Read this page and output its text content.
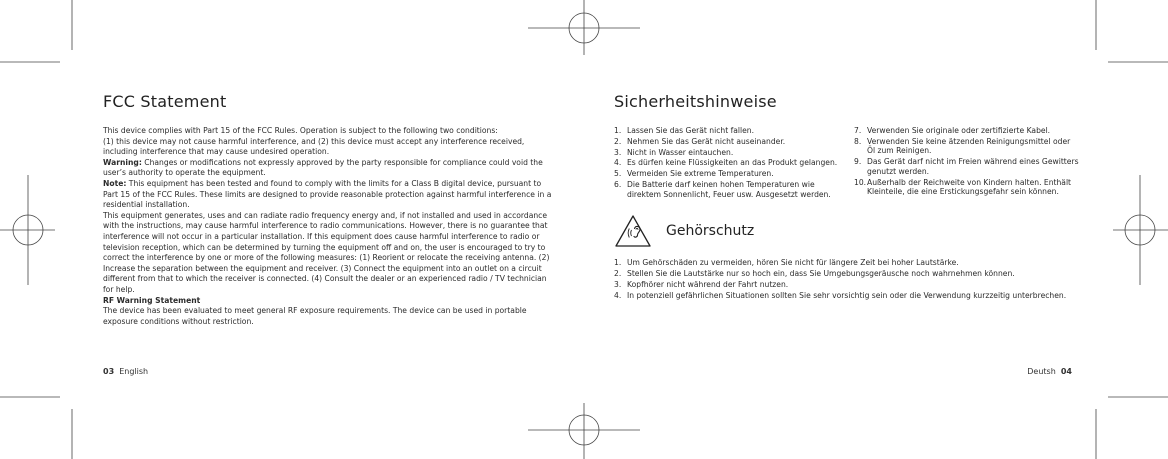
FCC Statement

This device complies with Part 15 of the FCC Rules. Operation is subject to the following two conditions:

(1) this device may not cause harmful interference, and (2) this device must accept any interference received, including interference that may cause undesired operation.

Warning: Changes or modifications not expressly approved by the party responsible for compliance could void the user’s authority to operate the equipment.

Note: This equipment has been tested and found to comply with the limits for a Class B digital device, pursuant to Part 15 of the FCC Rules. These limits are designed to provide reasonable protection against harmful interference in a residential installation.

This equipment generates, uses and can radiate radio frequency energy and, if not installed and used in accordance with the instructions, may cause harmful interference to radio communications. However, there is no guarantee that interference will not occur in a particular installation. If this equipment does cause harmful interference to radio or television reception, which can be determined by turning the equipment off and on, the user is encouraged to try to correct the interference by one or more of the following measures: (1) Reorient or relocate the receiving antenna. (2) Increase the separation between the equipment and receiver. (3) Connect the equipment into an outlet on a circuit different from that to which the receiver is connected. (4) Consult the dealer or an experienced radio / TV technician for help.

RF Warning Statement

The device has been evaluated to meet general RF exposure requirements. The device can be used in portable exposure conditions without restriction.

03 English
Sicherheitshinweise
1. Lassen Sie das Gerät nicht fallen.
2. Nehmen Sie das Gerät nicht auseinander.
3. Nicht in Wasser eintauchen.
4. Es dürfen keine Flüssigkeiten an das Produkt gelangen.
5. Vermeiden Sie extreme Temperaturen.
6. Die Batterie darf keinen hohen Temperaturen wie direktem Sonnenlicht, Feuer usw. Ausgesetzt werden.
7. Verwenden Sie originale oder zertifizierte Kabel.
8. Verwenden Sie keine ätzenden Reinigungsmittel oder Öl zum Reinigen.
9. Das Gerät darf nicht im Freien während eines Gewitters genutzt werden.
10. Außerhalb der Reichweite von Kindern halten. Enthält Kleinteile, die eine Erstickungsgefahr sein können.
Gehörschutz
1. Um Gehörschäden zu vermeiden, hören Sie nicht für längere Zeit bei hoher Lautstärke.
2. Stellen Sie die Lautstärke nur so hoch ein, dass Sie Umgebungsgeräusche noch wahrnehmen können.
3. Kopfhörer nicht während der Fahrt nutzen.
4. In potenziell gefährlichen Situationen sollten Sie sehr vorsichtig sein oder die Verwendung kurzzeitig unterbrechen.
Deutsh 04
